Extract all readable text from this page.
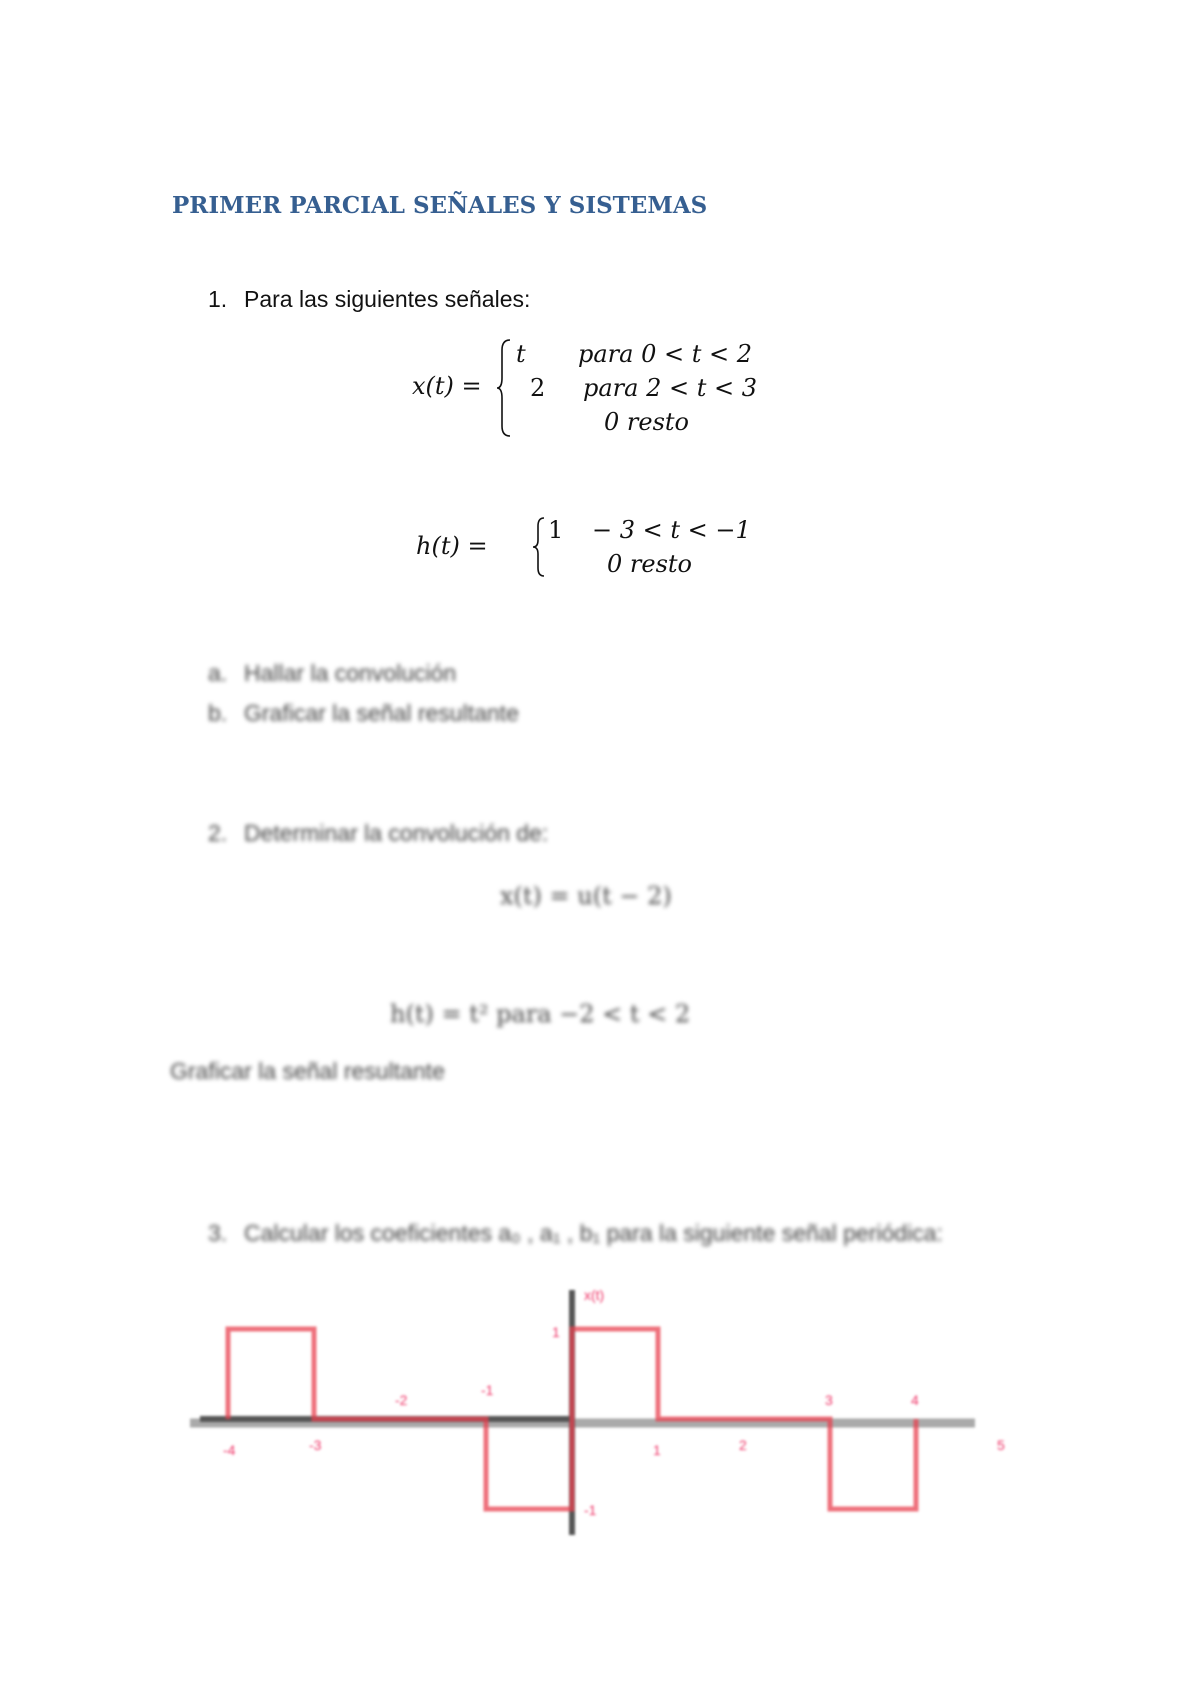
PRIMER PARCIAL SEÑALES Y SISTEMAS
1. Para las siguientes señales:
x(t) =
t para 0 < t < 2
2 para 2 < t < 3
0 resto
h(t) =
1 − 3 < t < −1
0 resto
a. Hallar la convolución
b. Graficar la señal resultante
2. Determinar la convolución de:
x(t) = u(t − 2)
h(t) = t² para −2 < t < 2
Graficar la señal resultante
3. Calcular los coeficientes a₀ , a₁ , b₁ para la siguiente señal periódica:
x(t)
1
-1
-4	-3
-2
-1
1	2
3	4
5
